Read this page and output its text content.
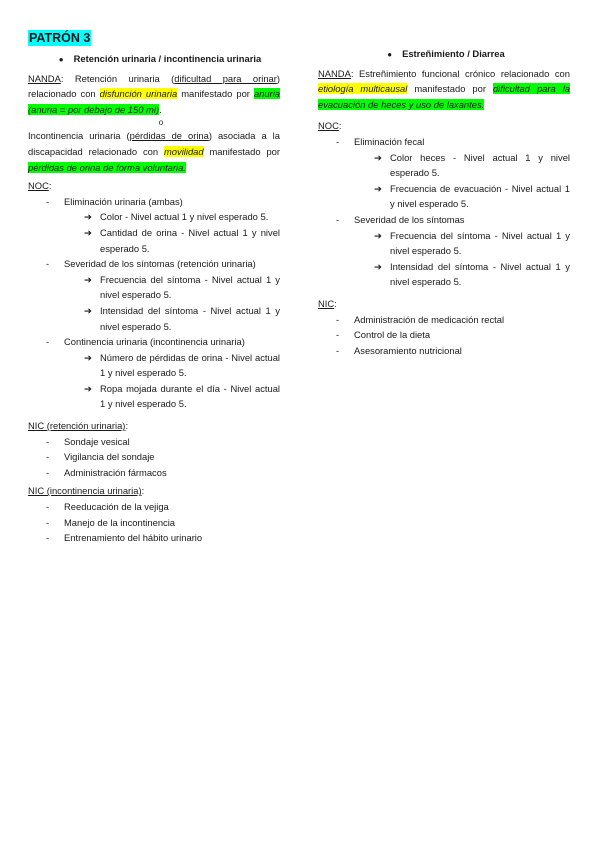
PATRÓN 3

● Retención urinaria / incontinencia urinaria

NANDA: Retención urinaria (dificultad para orinar) relacionado con disfunción urinaria manifestado por anuria (anuria = por debajo de 150 ml).

o

Incontinencia urinaria (pérdidas de orina) asociada a la discapacidad relacionado con movilidad manifestado por pérdidas de orina de forma voluntaria.

NOC:

- Eliminación urinaria (ambas)
➔ Color - Nivel actual 1 y nivel esperado 5.
➔ Cantidad de orina - Nivel actual 1 y nivel esperado 5.
- Severidad de los síntomas (retención urinaria)
➔ Frecuencia del síntoma - Nivel actual 1 y nivel esperado 5.
➔ Intensidad del síntoma - Nivel actual 1 y nivel esperado 5.
- Continencia urinaria (incontinencia urinaria)
➔ Número de pérdidas de orina - Nivel actual 1 y nivel esperado 5.
➔ Ropa mojada durante el día - Nivel actual 1 y nivel esperado 5.

NIC (retención urinaria):

- Sondaje vesical
- Vigilancia del sondaje
- Administración fármacos

NIC (incontinencia urinaria):

- Reeducación de la vejiga
- Manejo de la incontinencia
- Entrenamiento del hábito urinario

● Estreñimiento / Diarrea

NANDA: Estreñimiento funcional crónico relacionado con etiología multicausal manifestado por dificultad para la evacuación de heces y uso de laxantes.

NOC:

- Eliminación fecal
➔ Color heces - Nivel actual 1 y nivel esperado 5.
➔ Frecuencia de evacuación - Nivel actual 1 y nivel esperado 5.
- Severidad de los síntomas
➔ Frecuencia del síntoma - Nivel actual 1 y nivel esperado 5.
➔ Intensidad del síntoma - Nivel actual 1 y nivel esperado 5.

NIC:

- Administración de medicación rectal
- Control de la dieta
- Asesoramiento nutricional
